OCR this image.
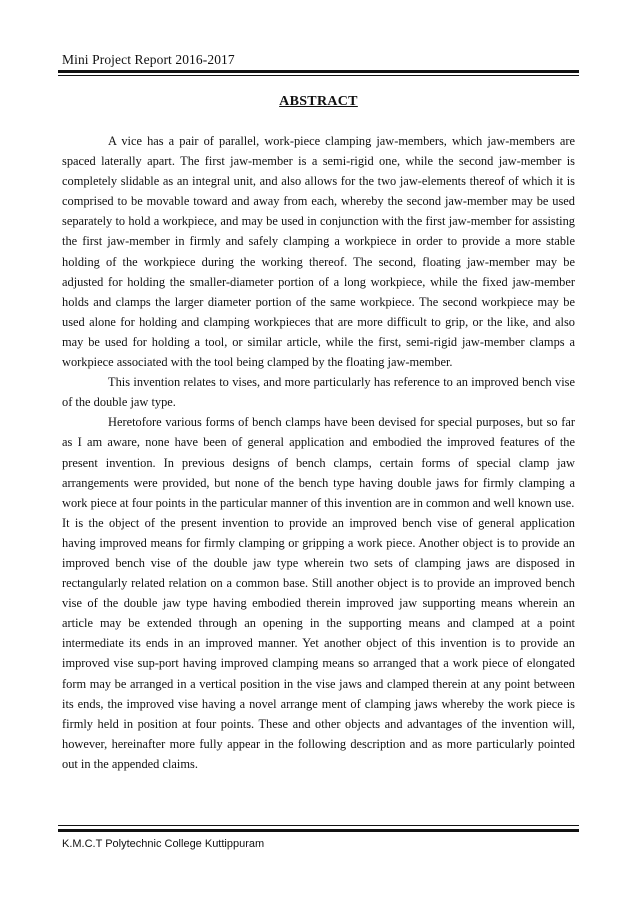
Mini Project Report 2016-2017
ABSTRACT

A vice has a pair of parallel, work-piece clamping jaw-members, which jaw-members are spaced laterally apart. The first jaw-member is a semi-rigid one, while the second jaw-member is completely slidable as an integral unit, and also allows for the two jaw-elements thereof of which it is comprised to be movable toward and away from each, whereby the second jaw-member may be used separately to hold a workpiece, and may be used in conjunction with the first jaw-member for assisting the first jaw-member in firmly and safely clamping a workpiece in order to provide a more stable holding of the workpiece during the working thereof. The second, floating jaw-member may be adjusted for holding the smaller-diameter portion of a long workpiece, while the fixed jaw-member holds and clamps the larger diameter portion of the same workpiece. The second workpiece may be used alone for holding and clamping workpieces that are more difficult to grip, or the like, and also may be used for holding a tool, or similar article, while the first, semi-rigid jaw-member clamps a workpiece associated with the tool being clamped by the floating jaw-member.

This invention relates to vises, and more particularly has reference to an improved bench vise of the double jaw type.

Heretofore various forms of bench clamps have been devised for special purposes, but so far as I am aware, none have been of general application and embodied the improved features of the present invention. In previous designs of bench clamps, certain forms of special clamp jaw arrangements were provided, but none of the bench type having double jaws for firmly clamping a work piece at four points in the particular manner of this invention are in common and well known use.

It is the object of the present invention to provide an improved bench vise of general application having improved means for firmly clamping or gripping a work piece. Another object is to provide an improved bench vise of the double jaw type wherein two sets of clamping jaws are disposed in rectangularly related relation on a common base. Still another object is to provide an improved bench vise of the double jaw type having embodied therein improved jaw supporting means wherein an article may be extended through an opening in the supporting means and clamped at a point intermediate its ends in an improved manner. Yet another object of this invention is to provide an improved vise sup-port having improved clamping means so arranged that a work piece of elongated form may be arranged in a vertical position in the vise jaws and clamped therein at any point between its ends, the improved vise having a novel arrange ment of clamping jaws whereby the work piece is firmly held in position at four points. These and other objects and advantages of the invention will, however, hereinafter more fully appear in the following description and as more particularly pointed out in the appended claims.

K.M.C.T Polytechnic College Kuttippuram
